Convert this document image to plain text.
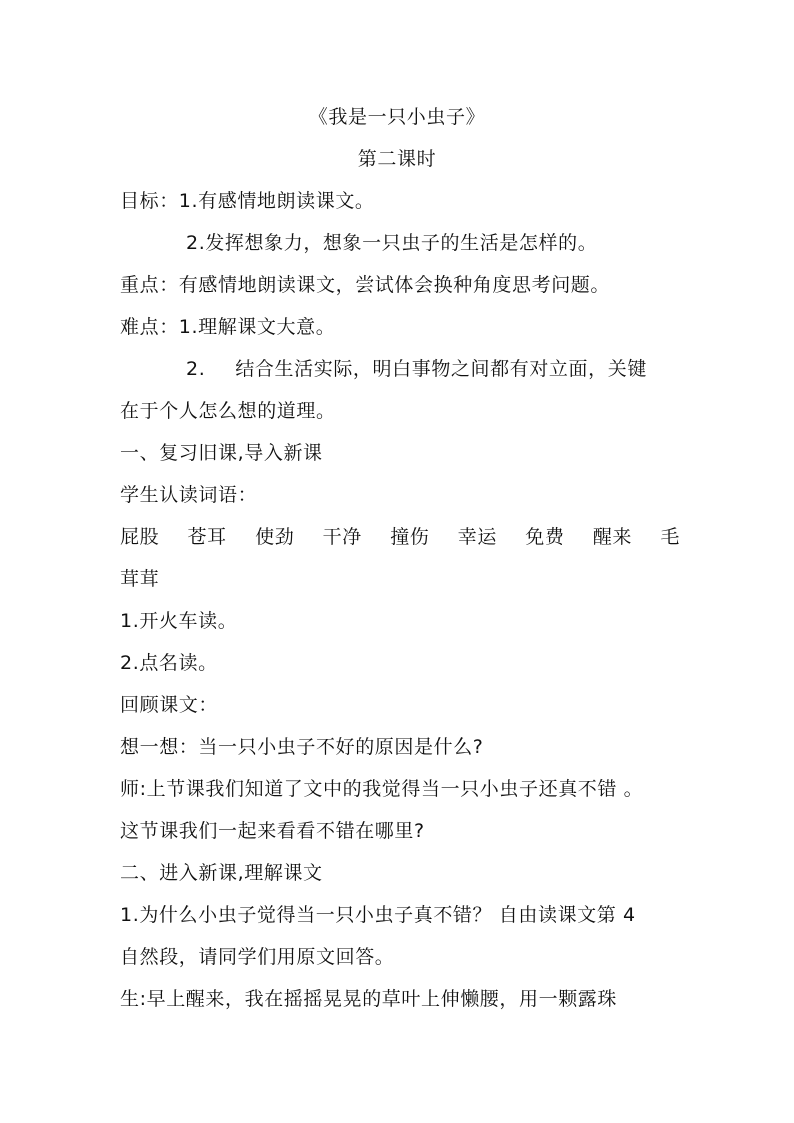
《我是一只小虫子》
第二课时
目标：1.有感情地朗读课文。
2.发挥想象力，想象一只虫子的生活是怎样的。
重点：有感情地朗读课文，尝试体会换种角度思考问题。
难点：1.理解课文大意。
2. 结合生活实际，明白事物之间都有对立面，关键
在于个人怎么想的道理。
一、复习旧课,导入新课
学生认读词语：
屁股 苍耳 使劲 干净 撞伤 幸运 免费 醒来 毛
茸茸
1.开火车读。
2.点名读。
回顾课文：
想一想：当一只小虫子不好的原因是什么?
师:上节课我们知道了文中的我觉得当一只小虫子还真不错 。
这节课我们一起来看看不错在哪里?
二、进入新课,理解课文
1.为什么小虫子觉得当一只小虫子真不错？ 自由读课文第 4
自然段，请同学们用原文回答。
生:早上醒来，我在摇摇晃晃的草叶上伸懒腰，用一颗露珠
